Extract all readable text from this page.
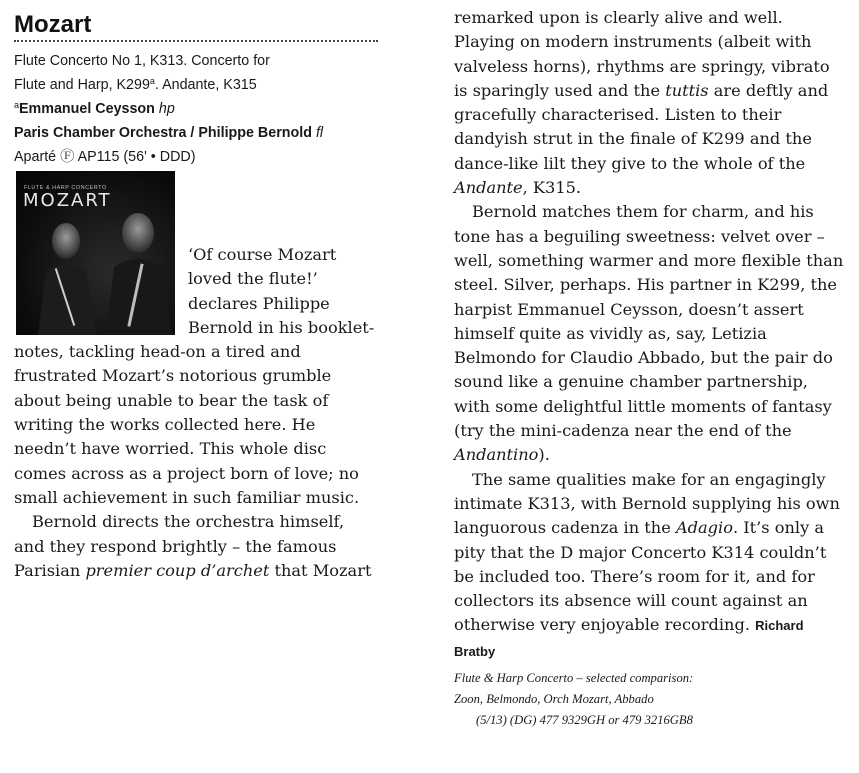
Mozart
Flute Concerto No 1, K313. Concerto for
Flute and Harp, K299$^a$. Andante, K315
$^a$Emmanuel Ceysson hp
Paris Chamber Orchestra / Philippe Bernold fl
Aparté Ⓕ AP115 (56' • DDD)
FLUTE & HARP CONCERTO
MOZART

‘Of course Mozart loved the flute!’ declares Philippe Bernold in his booklet-notes, tackling head-on a tired and frustrated Mozart’s notorious grumble about being unable to bear the task of writing the works collected here. He needn’t have worried. This whole disc comes across as a project born of love; no small achievement in such familiar music.

Bernold directs the orchestra himself, and they respond brightly – the famous Parisian premier coup d’archet that Mozart

remarked upon is clearly alive and well. Playing on modern instruments (albeit with valveless horns), rhythms are springy, vibrato is sparingly used and the tuttis are deftly and gracefully characterised. Listen to their dandyish strut in the finale of K299 and the dance-like lilt they give to the whole of the Andante, K315.

Bernold matches them for charm, and his tone has a beguiling sweetness: velvet over – well, something warmer and more flexible than steel. Silver, perhaps. His partner in K299, the harpist Emmanuel Ceysson, doesn’t assert himself quite as vividly as, say, Letizia Belmondo for Claudio Abbado, but the pair do sound like a genuine chamber partnership, with some delightful little moments of fantasy (try the mini-cadenza near the end of the Andantino).

The same qualities make for an engagingly intimate K313, with Bernold supplying his own languorous cadenza in the Adagio. It’s only a pity that the D major Concerto K314 couldn’t be included too. There’s room for it, and for collectors its absence will count against an otherwise very enjoyable recording. Richard Bratby

Flute & Harp Concerto – selected comparison:
Zoon, Belmondo, Orch Mozart, Abbado
(5/13) (DG) 477 9329GH or 479 3216GB8
